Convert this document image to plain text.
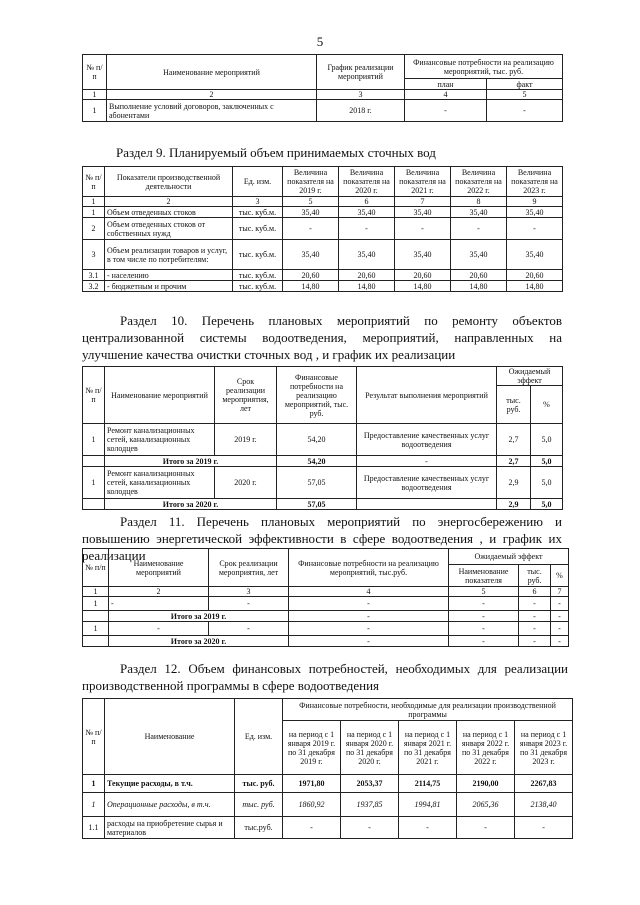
5
№ п/п	Наименование мероприятий	График реализации мероприятий	Финансовые потребности на реализацию мероприятий, тыс. руб.	
			план	факт
1	2	3	4	5
1	Выполнение условий договоров, заключенных с абонентами	2018 г.	-	-

Раздел 9. Планируемый объем принимаемых сточных вод

№ п/ п	Показатели производственной деятельности	Ед. изм.	Величина показателя на 2019 г.	Величина показателя на 2020 г.	Величина показателя на 2021 г.	Величина показателя на 2022 г.	Величина показателя на 2023 г.
1	2	3	5	6	7	8	9
1	Объем отведенных стоков	тыс. куб.м.	35,40	35,40	35,40	35,40	35,40
2	Объем отведенных стоков от собственных нужд	тыс. куб.м.	-	-	-	-	-
3	Объем реализации товаров и услуг, в том числе по потребителям:	тыс. куб.м.	35,40	35,40	35,40	35,40	35,40
3.1	- населению	тыс. куб.м.	20,60	20,60	20,60	20,60	20,60
3.2	- бюджетным и прочим	тыс. куб.м.	14,80	14,80	14,80	14,80	14,80

Раздел 10. Перечень плановых мероприятий по ремонту объектов централизованной системы водоотведения, мероприятий, направленных на улучшение качества очистки сточных вод , и график их реализации

№ п/ п	Наименование мероприятий	Срок реализации мероприятия, лет	Финансовые потребности на реализацию мероприятий, тыс. руб.	Результат выполнения мероприятий	Ожидаемый эффект	
					тыс. руб.	%
1	Ремонт канализационных сетей, канализационных колодцев	2019 г.	54,20	Предоставление качественных услуг водоотведения	2,7	5,0
	Итого за 2019 г.		54,20	-	2,7	5,0
1	Ремонт канализационных сетей, канализационных колодцев	2020 г.	57,05	Предоставление качественных услуг водоотведения	2,9	5,0
	Итого за 2020 г.		57,05		2,9	5,0

Раздел 11. Перечень плановых мероприятий по энергосбережению и повышению энергетической эффективности в сфере водоотведения , и график их реализации

№ п/п	Наименование мероприятий	Срок реализации мероприятия, лет	Финансовые потребности на реализацию мероприятий, тыс.руб.	Ожидаемый эффект		
				Наименование показателя	тыс. руб.	%
1	2	3	4	5	6	7
1	-	-	-	-	-	-
	Итого за 2019 г.		-	-	-	-
1	-	-	-	-	-	-
	Итого за 2020 г.		-	-	-	-

Раздел 12. Объем финансовых потребностей, необходимых для реализации производственной программы в сфере водоотведения

№ п/п	Наименование	Ед. изм.	Финансовые потребности, необходимые для реализации производственной программы				
			на период с 1 января 2019 г. по 31 декабря 2019 г.	на период с 1 января 2020 г. по 31 декабря 2020 г.	на период с 1 января 2021 г. по 31 декабря 2021 г.	на период с 1 января 2022 г. по 31 декабря 2022 г.	на период с 1 января 2023 г. по 31 декабря 2023 г.
1	Текущие расходы, в т.ч.	тыс. руб.	1971,80	2053,37	2114,75	2190,00	2267,83
1	Операционные расходы, в т.ч.	тыс. руб.	1860,92	1937,85	1994,81	2065,36	2138,40
1.1	расходы на приобретение сырья и материалов	тыс.руб.	-	-	-	-	-
